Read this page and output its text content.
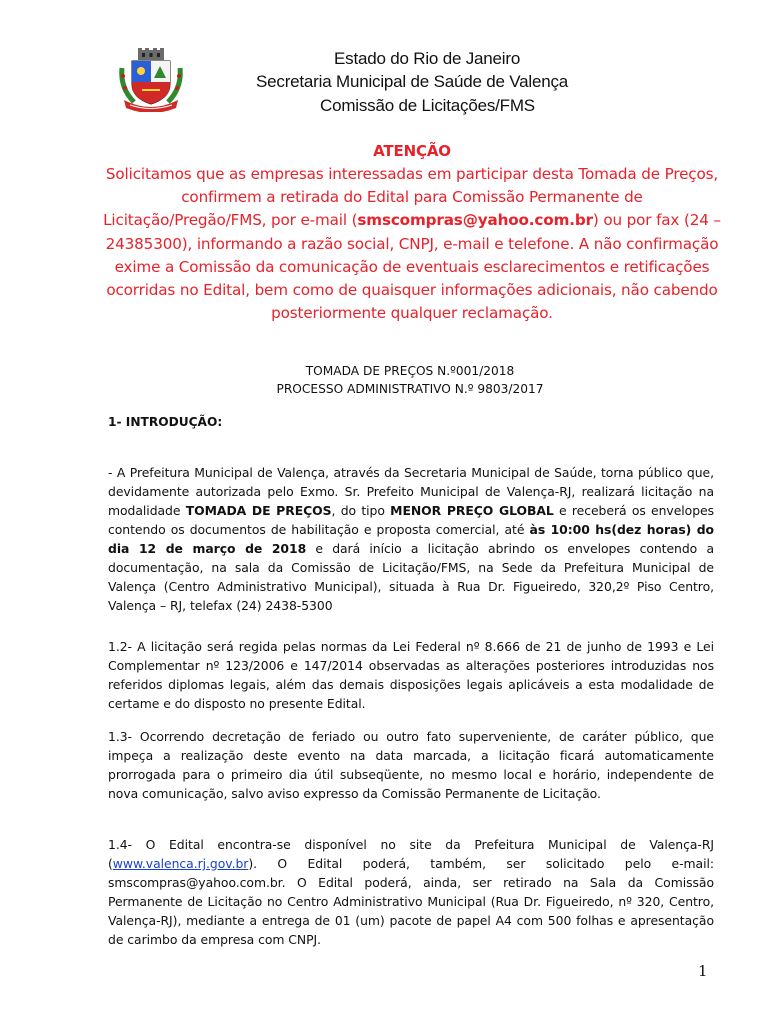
Estado do Rio de Janeiro
Secretaria Municipal de Saúde de Valença
Comissão de Licitações/FMS
ATENÇÃO
Solicitamos que as empresas interessadas em participar desta Tomada de Preços, confirmem a retirada do Edital para Comissão Permanente de Licitação/Pregão/FMS, por e-mail (smscompras@yahoo.com.br) ou por fax (24 – 24385300), informando a razão social, CNPJ, e-mail e telefone. A não confirmação exime a Comissão da comunicação de eventuais esclarecimentos e retificações ocorridas no Edital, bem como de quaisquer informações adicionais, não cabendo posteriormente qualquer reclamação.
TOMADA DE PREÇOS N.º001/2018
PROCESSO ADMINISTRATIVO N.º 9803/2017
1- INTRODUÇÃO:
- A Prefeitura Municipal de Valença, através da Secretaria Municipal de Saúde, torna público que, devidamente autorizada pelo Exmo. Sr. Prefeito Municipal de Valença-RJ, realizará licitação na modalidade TOMADA DE PREÇOS, do tipo MENOR PREÇO GLOBAL e receberá os envelopes contendo os documentos de habilitação e proposta comercial, até às 10:00 hs(dez horas) do dia 12 de março de 2018 e dará início a licitação abrindo os envelopes contendo a documentação, na sala da Comissão de Licitação/FMS, na Sede da Prefeitura Municipal de Valença (Centro Administrativo Municipal), situada à Rua Dr. Figueiredo, 320,2º Piso Centro, Valença – RJ, telefax (24) 2438-5300
1.2- A licitação será regida pelas normas da Lei Federal nº 8.666 de 21 de junho de 1993 e Lei Complementar nº 123/2006 e 147/2014 observadas as alterações posteriores introduzidas nos referidos diplomas legais, além das demais disposições legais aplicáveis a esta modalidade de certame e do disposto no presente Edital.
1.3- Ocorrendo decretação de feriado ou outro fato superveniente, de caráter público, que impeça a realização deste evento na data marcada, a licitação ficará automaticamente prorrogada para o primeiro dia útil subseqüente, no mesmo local e horário, independente de nova comunicação, salvo aviso expresso da Comissão Permanente de Licitação.
1.4- O Edital encontra-se disponível no site da Prefeitura Municipal de Valença-RJ (www.valenca.rj.gov.br). O Edital poderá, também, ser solicitado pelo e-mail: smscompras@yahoo.com.br. O Edital poderá, ainda, ser retirado na Sala da Comissão Permanente de Licitação no Centro Administrativo Municipal (Rua Dr. Figueiredo, nº 320, Centro, Valença-RJ), mediante a entrega de 01 (um) pacote de papel A4 com 500 folhas e apresentação de carimbo da empresa com CNPJ.
1
